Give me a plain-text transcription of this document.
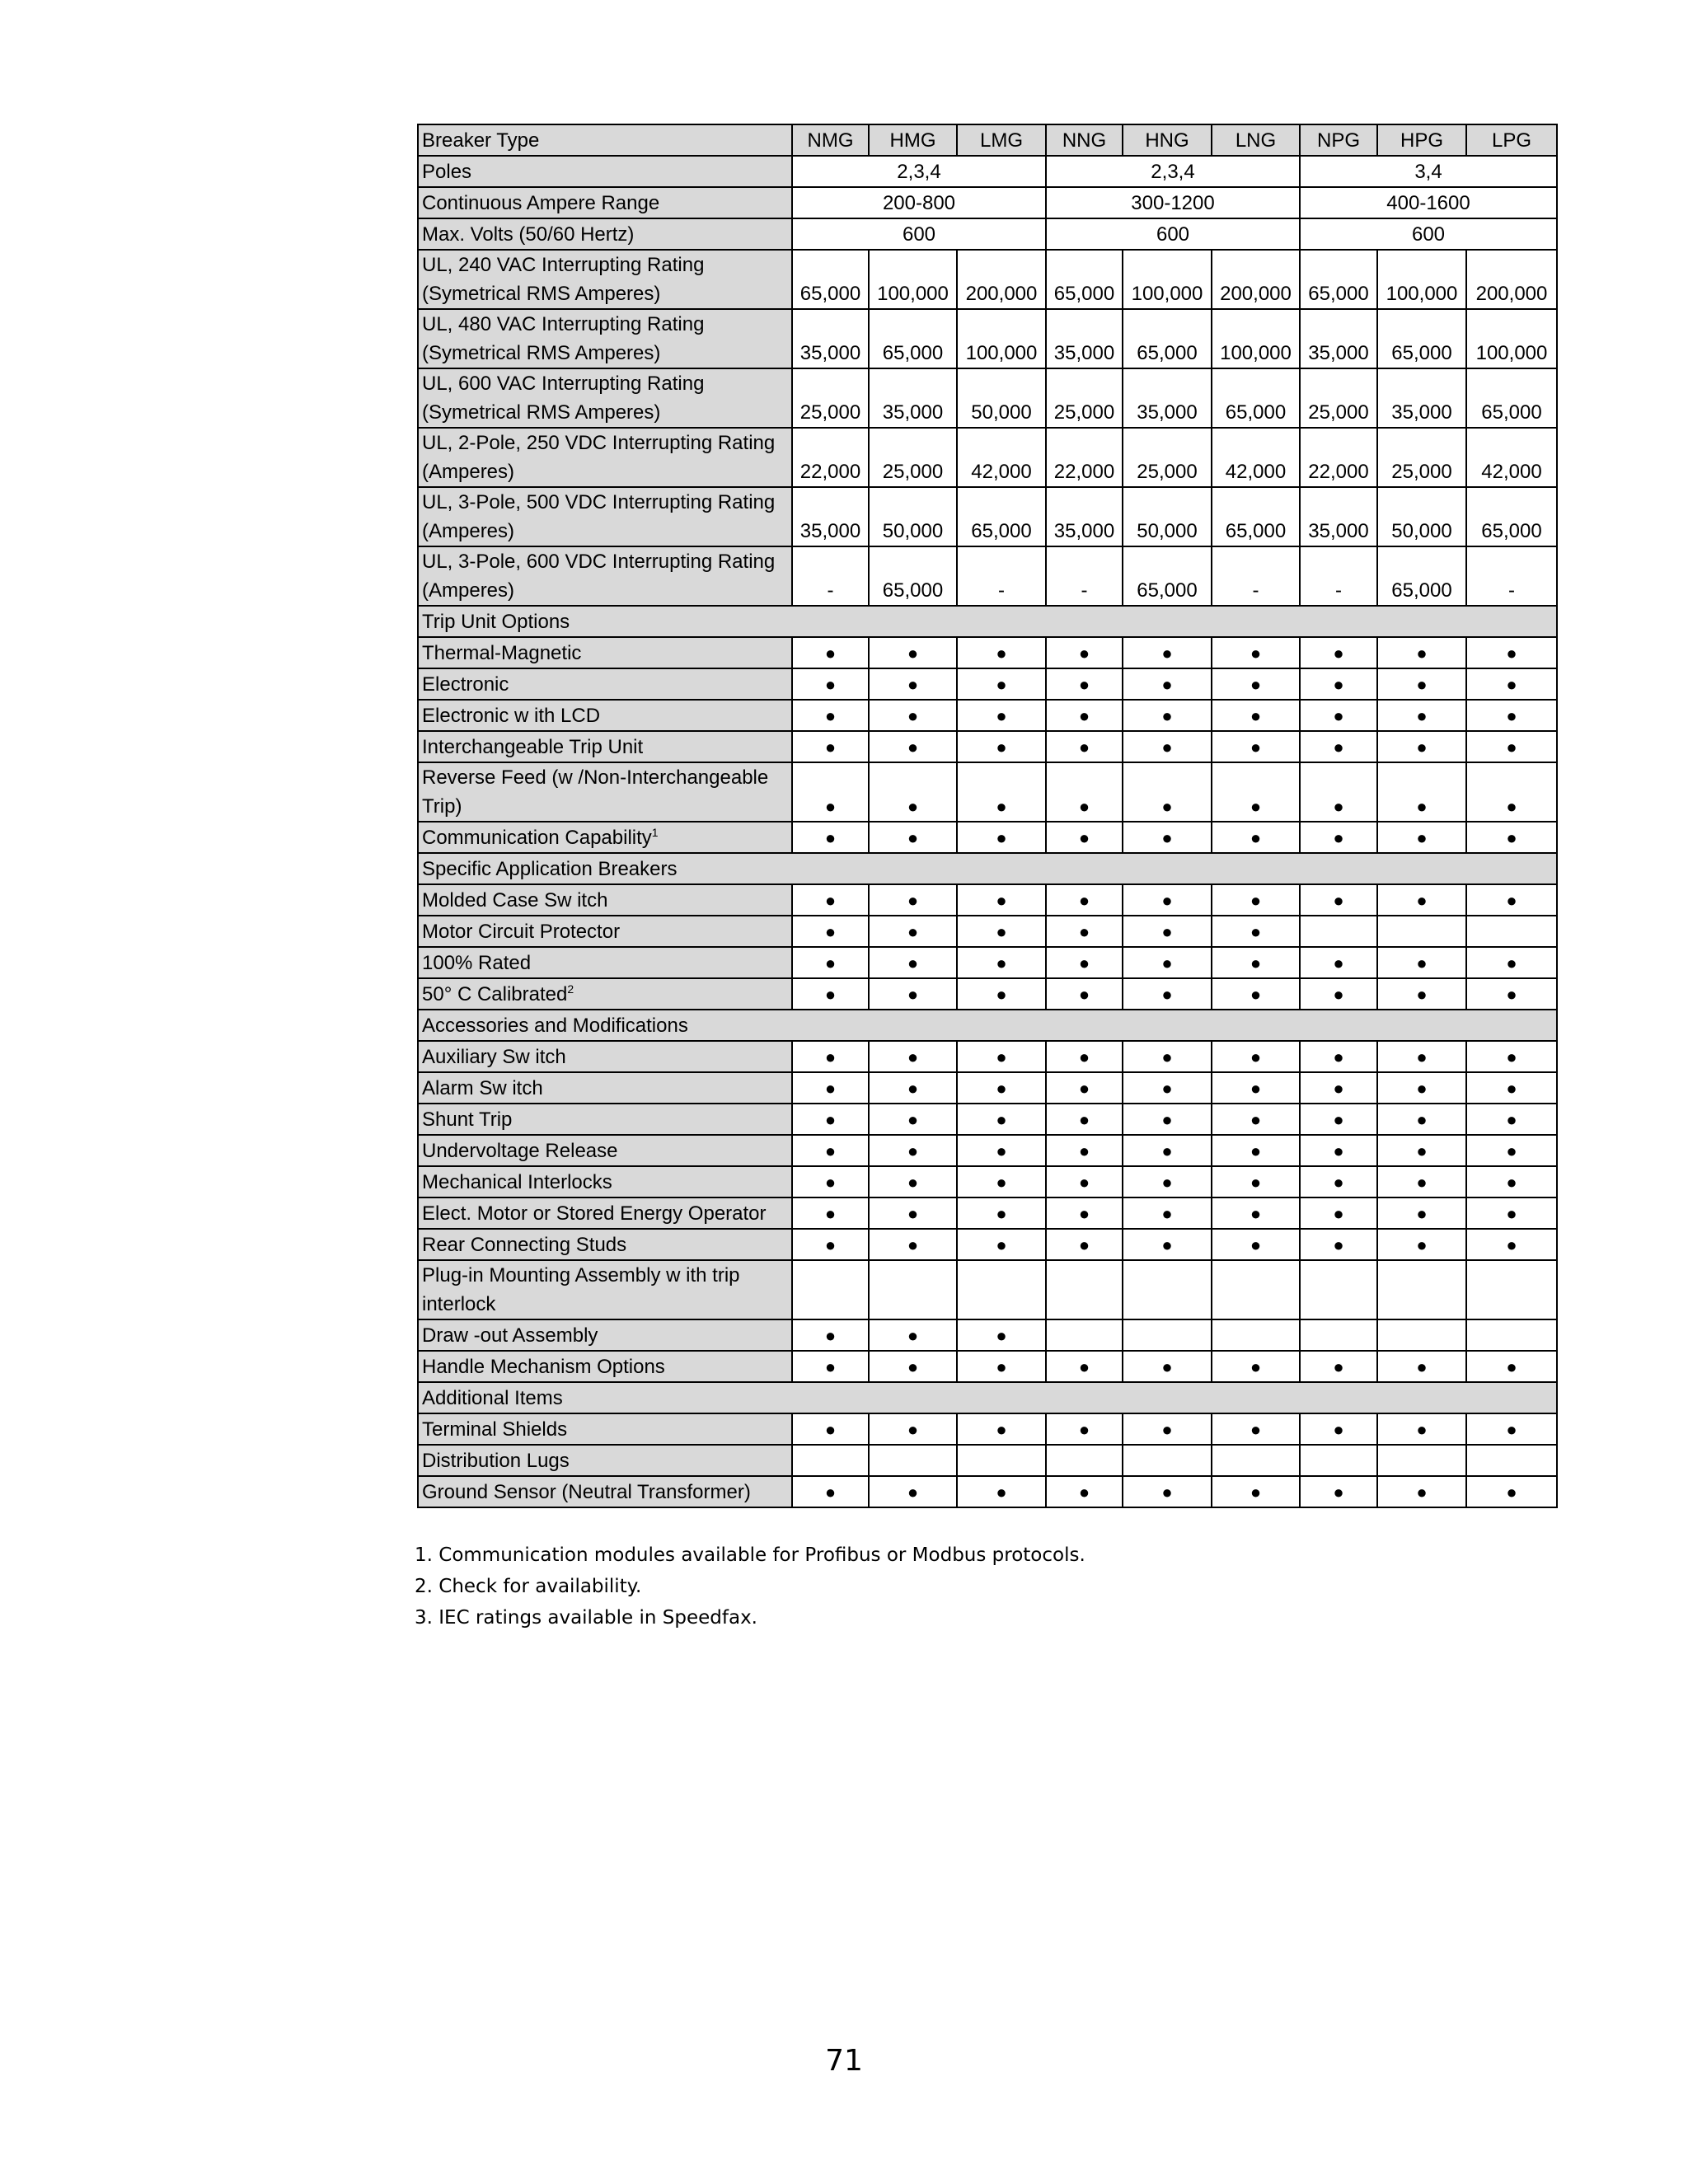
Breaker Type	NMG	HMG	LMG	NNG	HNG	LNG	NPG	HPG	LPG
Poles	2,3,4			2,3,4			3,4		
Continuous Ampere Range	200-800			300-1200			400-1600		
Max. Volts (50/60 Hertz)	600			600			600		
UL, 240 VAC Interrupting Rating (Symetrical RMS Amperes)	65,000	100,000	200,000	65,000	100,000	200,000	65,000	100,000	200,000
UL, 480 VAC Interrupting Rating (Symetrical RMS Amperes)	35,000	65,000	100,000	35,000	65,000	100,000	35,000	65,000	100,000
UL, 600 VAC Interrupting Rating (Symetrical RMS Amperes)	25,000	35,000	50,000	25,000	35,000	65,000	25,000	35,000	65,000
UL, 2-Pole, 250 VDC Interrupting Rating (Amperes)	22,000	25,000	42,000	22,000	25,000	42,000	22,000	25,000	42,000
UL, 3-Pole, 500 VDC Interrupting Rating (Amperes)	35,000	50,000	65,000	35,000	50,000	65,000	35,000	50,000	65,000
UL, 3-Pole, 600 VDC Interrupting Rating (Amperes)	-	65,000	-	-	65,000	-	-	65,000	-
Trip Unit Options									
Thermal-Magnetic	●	●	●	●	●	●	●	●	●
Electronic	●	●	●	●	●	●	●	●	●
Electronic w ith LCD	●	●	●	●	●	●	●	●	●
Interchangeable Trip Unit	●	●	●	●	●	●	●	●	●
Reverse Feed (w /Non-Interchangeable Trip)	●	●	●	●	●	●	●	●	●
Communication Capability$^1$	●	●	●	●	●	●	●	●	●
Specific Application Breakers									
Molded Case Sw itch	●	●	●	●	●	●	●	●	●
Motor Circuit Protector	●	●	●	●	●	●			
100% Rated	●	●	●	●	●	●	●	●	●
50° C Calibrated$^2$	●	●	●	●	●	●	●	●	●
Accessories and Modifications									
Auxiliary Sw itch	●	●	●	●	●	●	●	●	●
Alarm Sw itch	●	●	●	●	●	●	●	●	●
Shunt Trip	●	●	●	●	●	●	●	●	●
Undervoltage Release	●	●	●	●	●	●	●	●	●
Mechanical Interlocks	●	●	●	●	●	●	●	●	●
Elect. Motor or Stored Energy Operator	●	●	●	●	●	●	●	●	●
Rear Connecting Studs	●	●	●	●	●	●	●	●	●
Plug-in Mounting Assembly w ith trip interlock									
Draw -out Assembly	●	●	●						
Handle Mechanism Options	●	●	●	●	●	●	●	●	●
Additional Items									
Terminal Shields	●	●	●	●	●	●	●	●	●
Distribution Lugs									
Ground Sensor (Neutral Transformer)	●	●	●	●	●	●	●	●	●
1. Communication modules available for Profibus or Modbus protocols.
2. Check for availability.
3. IEC ratings available in Speedfax.
71
